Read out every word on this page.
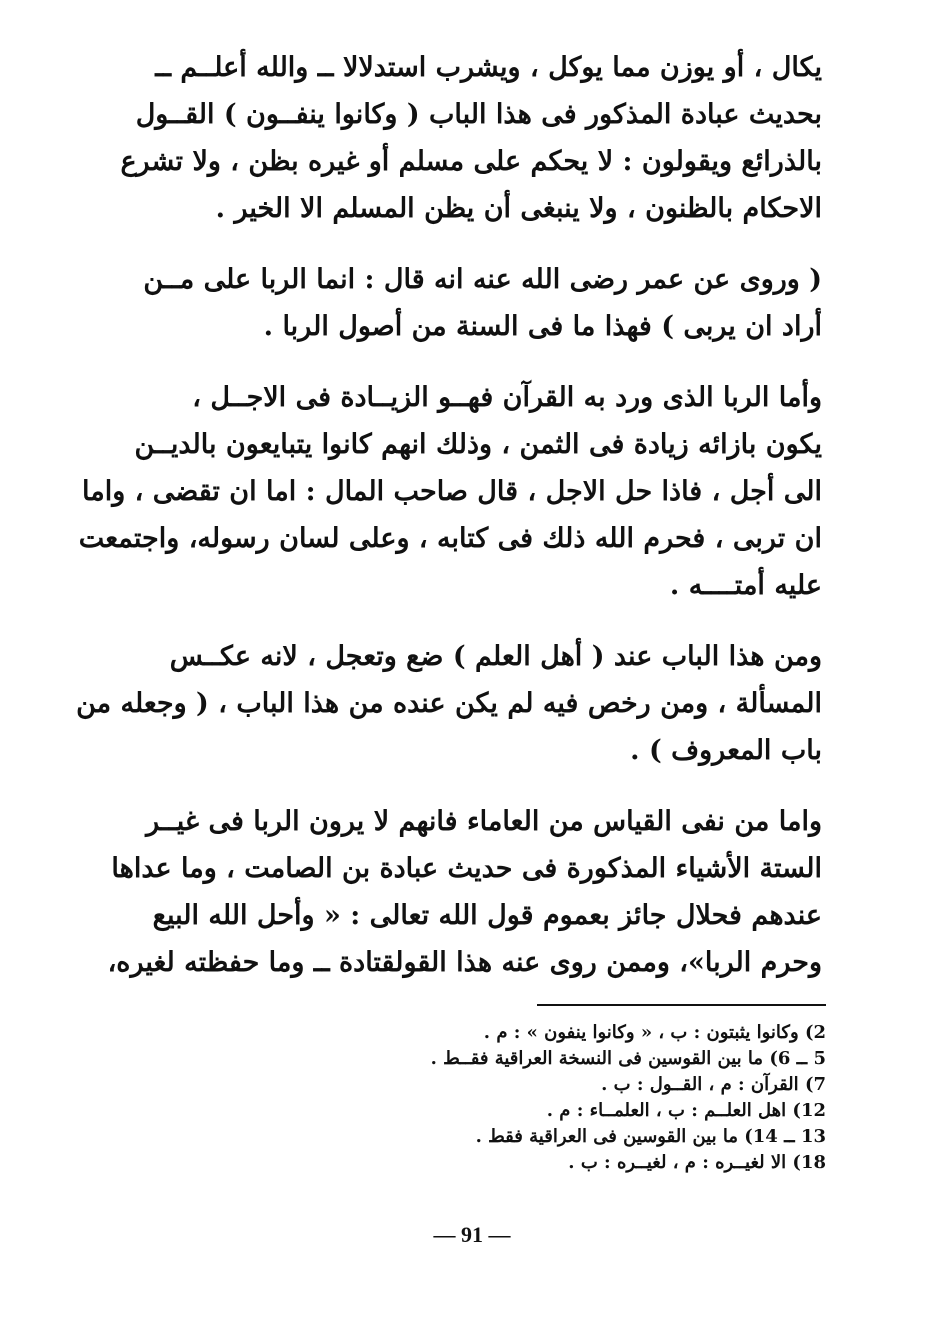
يكال ، أو يوزن مما يوكل ، ويشرب استدلالا ــ والله أعلــم ــ
بحديث عبادة المذكور فى هذا الباب ( وكانوا ينفــون ) القــول
بالذرائع ويقولون : لا يحكم على مسلم أو غيره بظن ، ولا تشرع
الاحكام بالظنون ، ولا ينبغى أن يظن المسلم الا الخير .
( وروى عن عمر رضى الله عنه انه قال : انما الربا على مــن
أراد ان يربى ) فهذا ما فى السنة من أصول الربا .
وأما الربا الذى ورد به القرآن فهــو الزيــادة فى الاجــل ،
يكون بازائه زيادة فى الثمن ، وذلك انهم كانوا يتبايعون بالديــن
الى أجل ، فاذا حل الاجل ، قال صاحب المال : اما ان تقضى ، واما
ان تربى ، فحرم الله ذلك فى كتابه ، وعلى لسان رسوله، واجتمعت
عليه أمتــــه .
ومن هذا الباب عند ( أهل العلم ) ضع وتعجل ، لانه عكــس
المسألة ، ومن رخص فيه لم يكن عنده من هذا الباب ، ( وجعله من
باب المعروف ) .
واما من نفى القياس من العاماء فانهم لا يرون الربا فى غيــر
الستة الأشياء المذكورة فى حديث عبادة بن الصامت ، وما عداها
عندهم فحلال جائز بعموم قول الله تعالى : « وأحل الله البيع
وحرم الربا»، وممن روى عنه هذا القولقتادة ــ وما حفظته لغيره،
2) وكانوا يثبتون : ب ، « وكانوا ينفون » : م .
5 ــ 6) ما بين القوسين فى النسخة العراقية فقــط .
7) القرآن : م ، القــول : ب .
12) اهل العلــم : ب ، العلمــاء : م .
13 ــ 14) ما بين القوسين فى العراقية فقط .
18) الا لغيــره : م ، لغيــره : ب .
— 91 —
